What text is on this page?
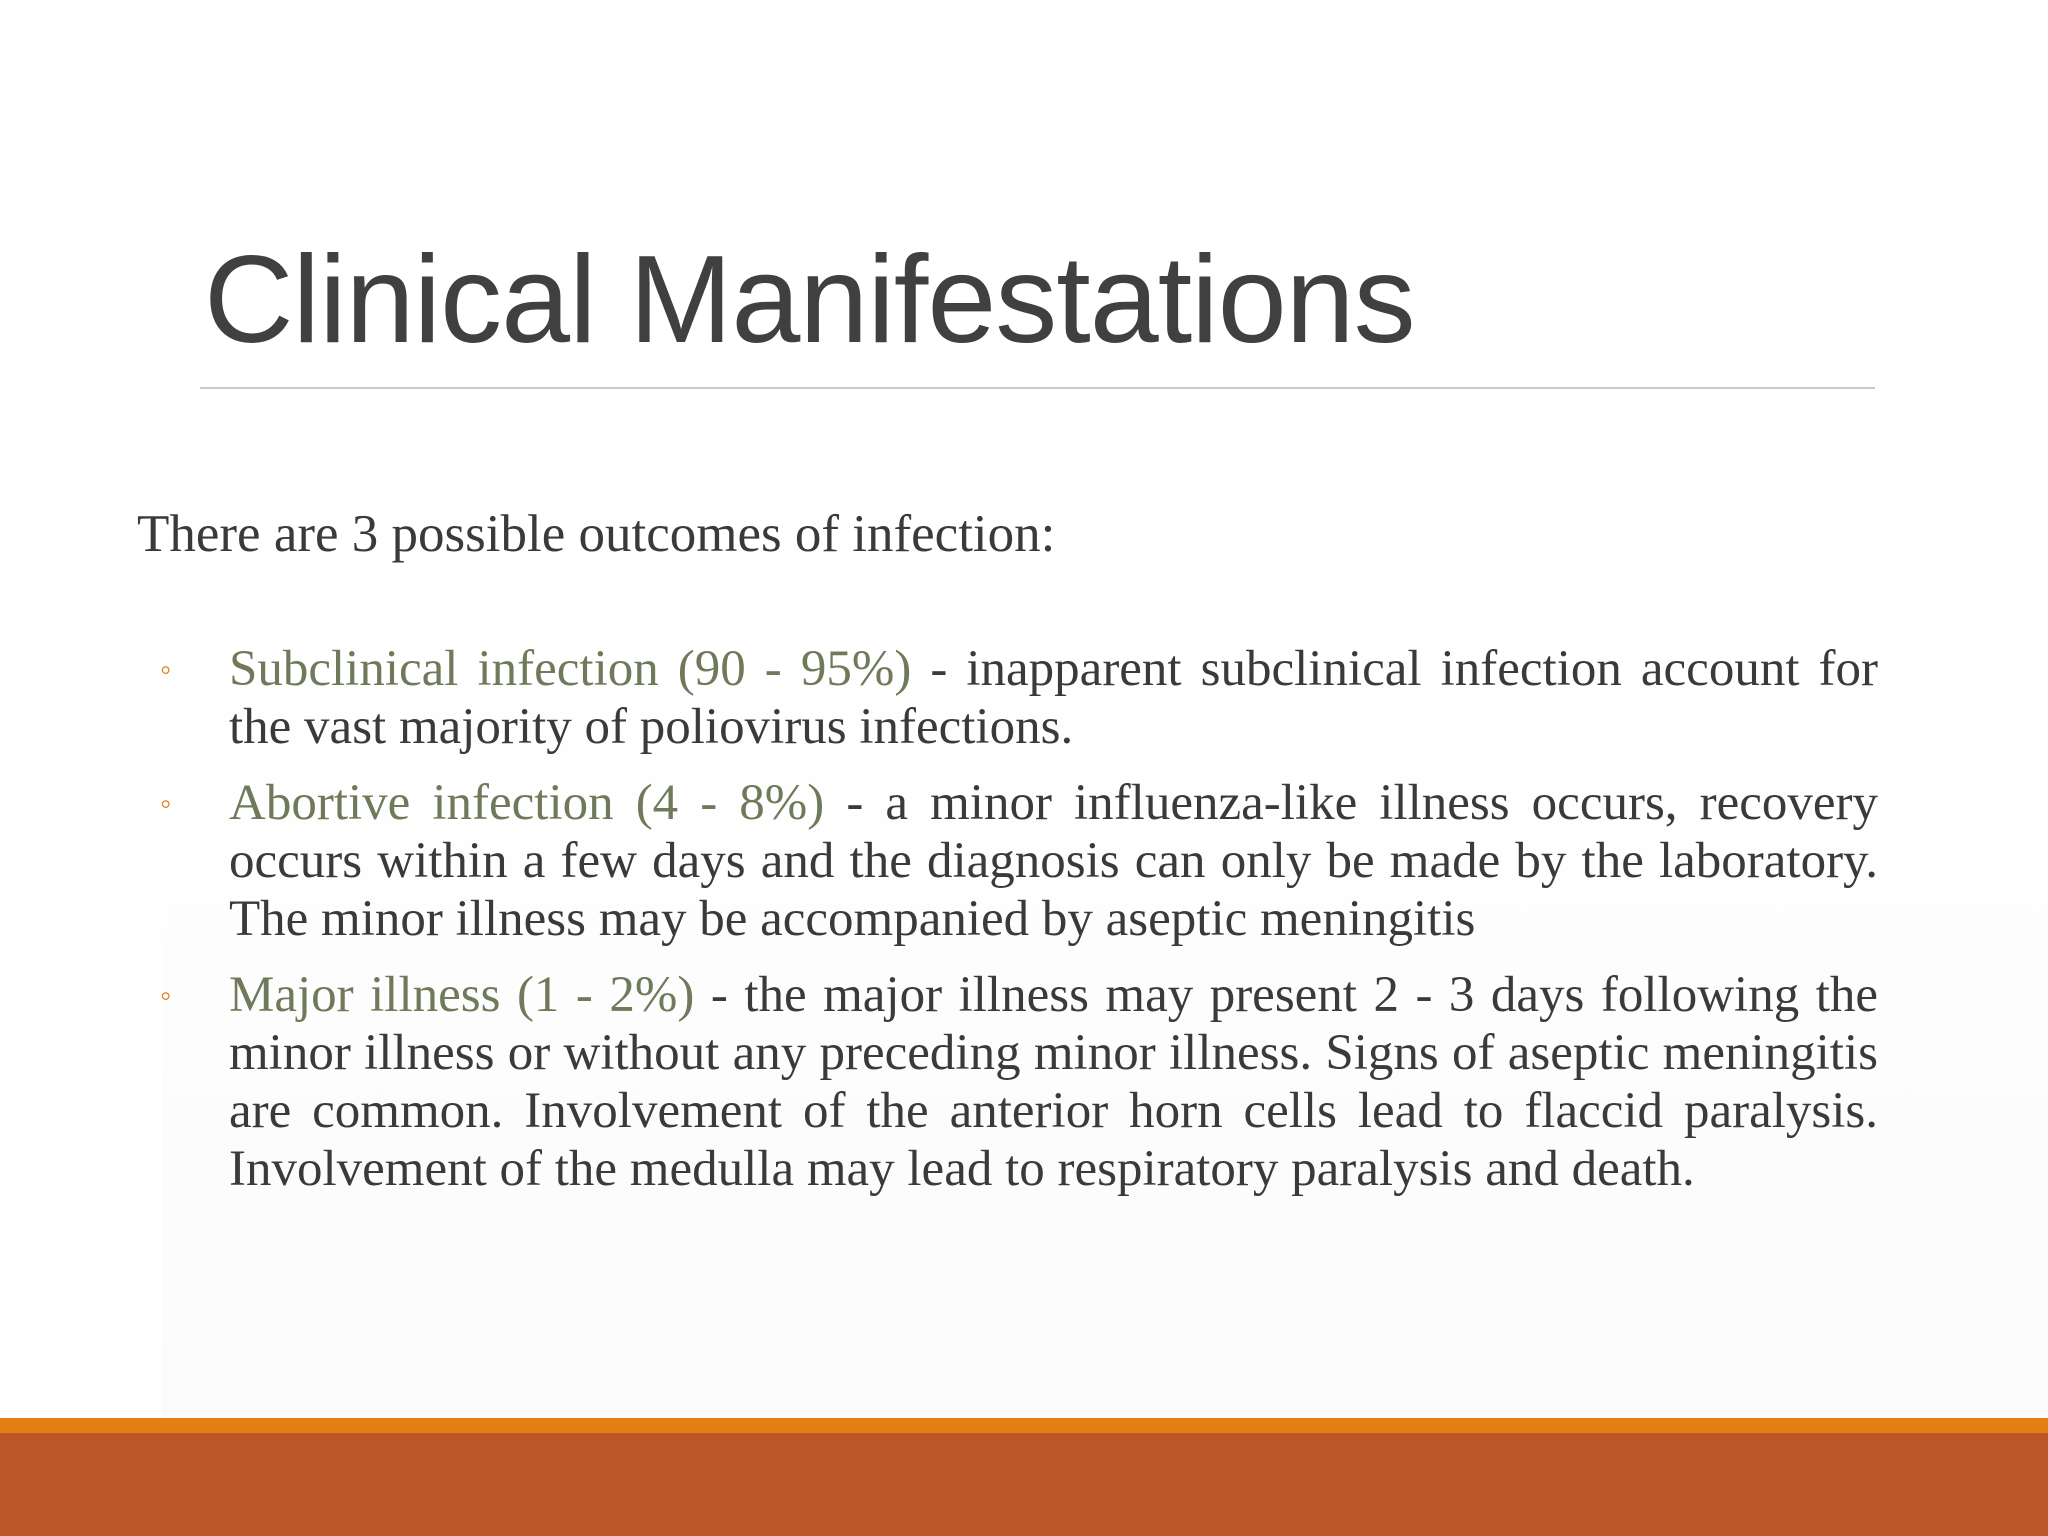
Clinical Manifestations

There are 3 possible outcomes of infection:

◦	Subclinical infection (90 - 95%) - inapparent subclinical infection account for the vast majority of poliovirus infections.
◦	Abortive infection (4 - 8%) - a minor influenza-like illness occurs, recovery occurs within a few days and the diagnosis can only be made by the laboratory. The minor illness may be accompanied by aseptic meningitis
◦	Major illness (1 - 2%) - the major illness may present 2 - 3 days following the minor illness or without any preceding minor illness. Signs of aseptic meningitis are common. Involvement of the anterior horn cells lead to flaccid paralysis. Involvement of the medulla may lead to respiratory paralysis and death.
